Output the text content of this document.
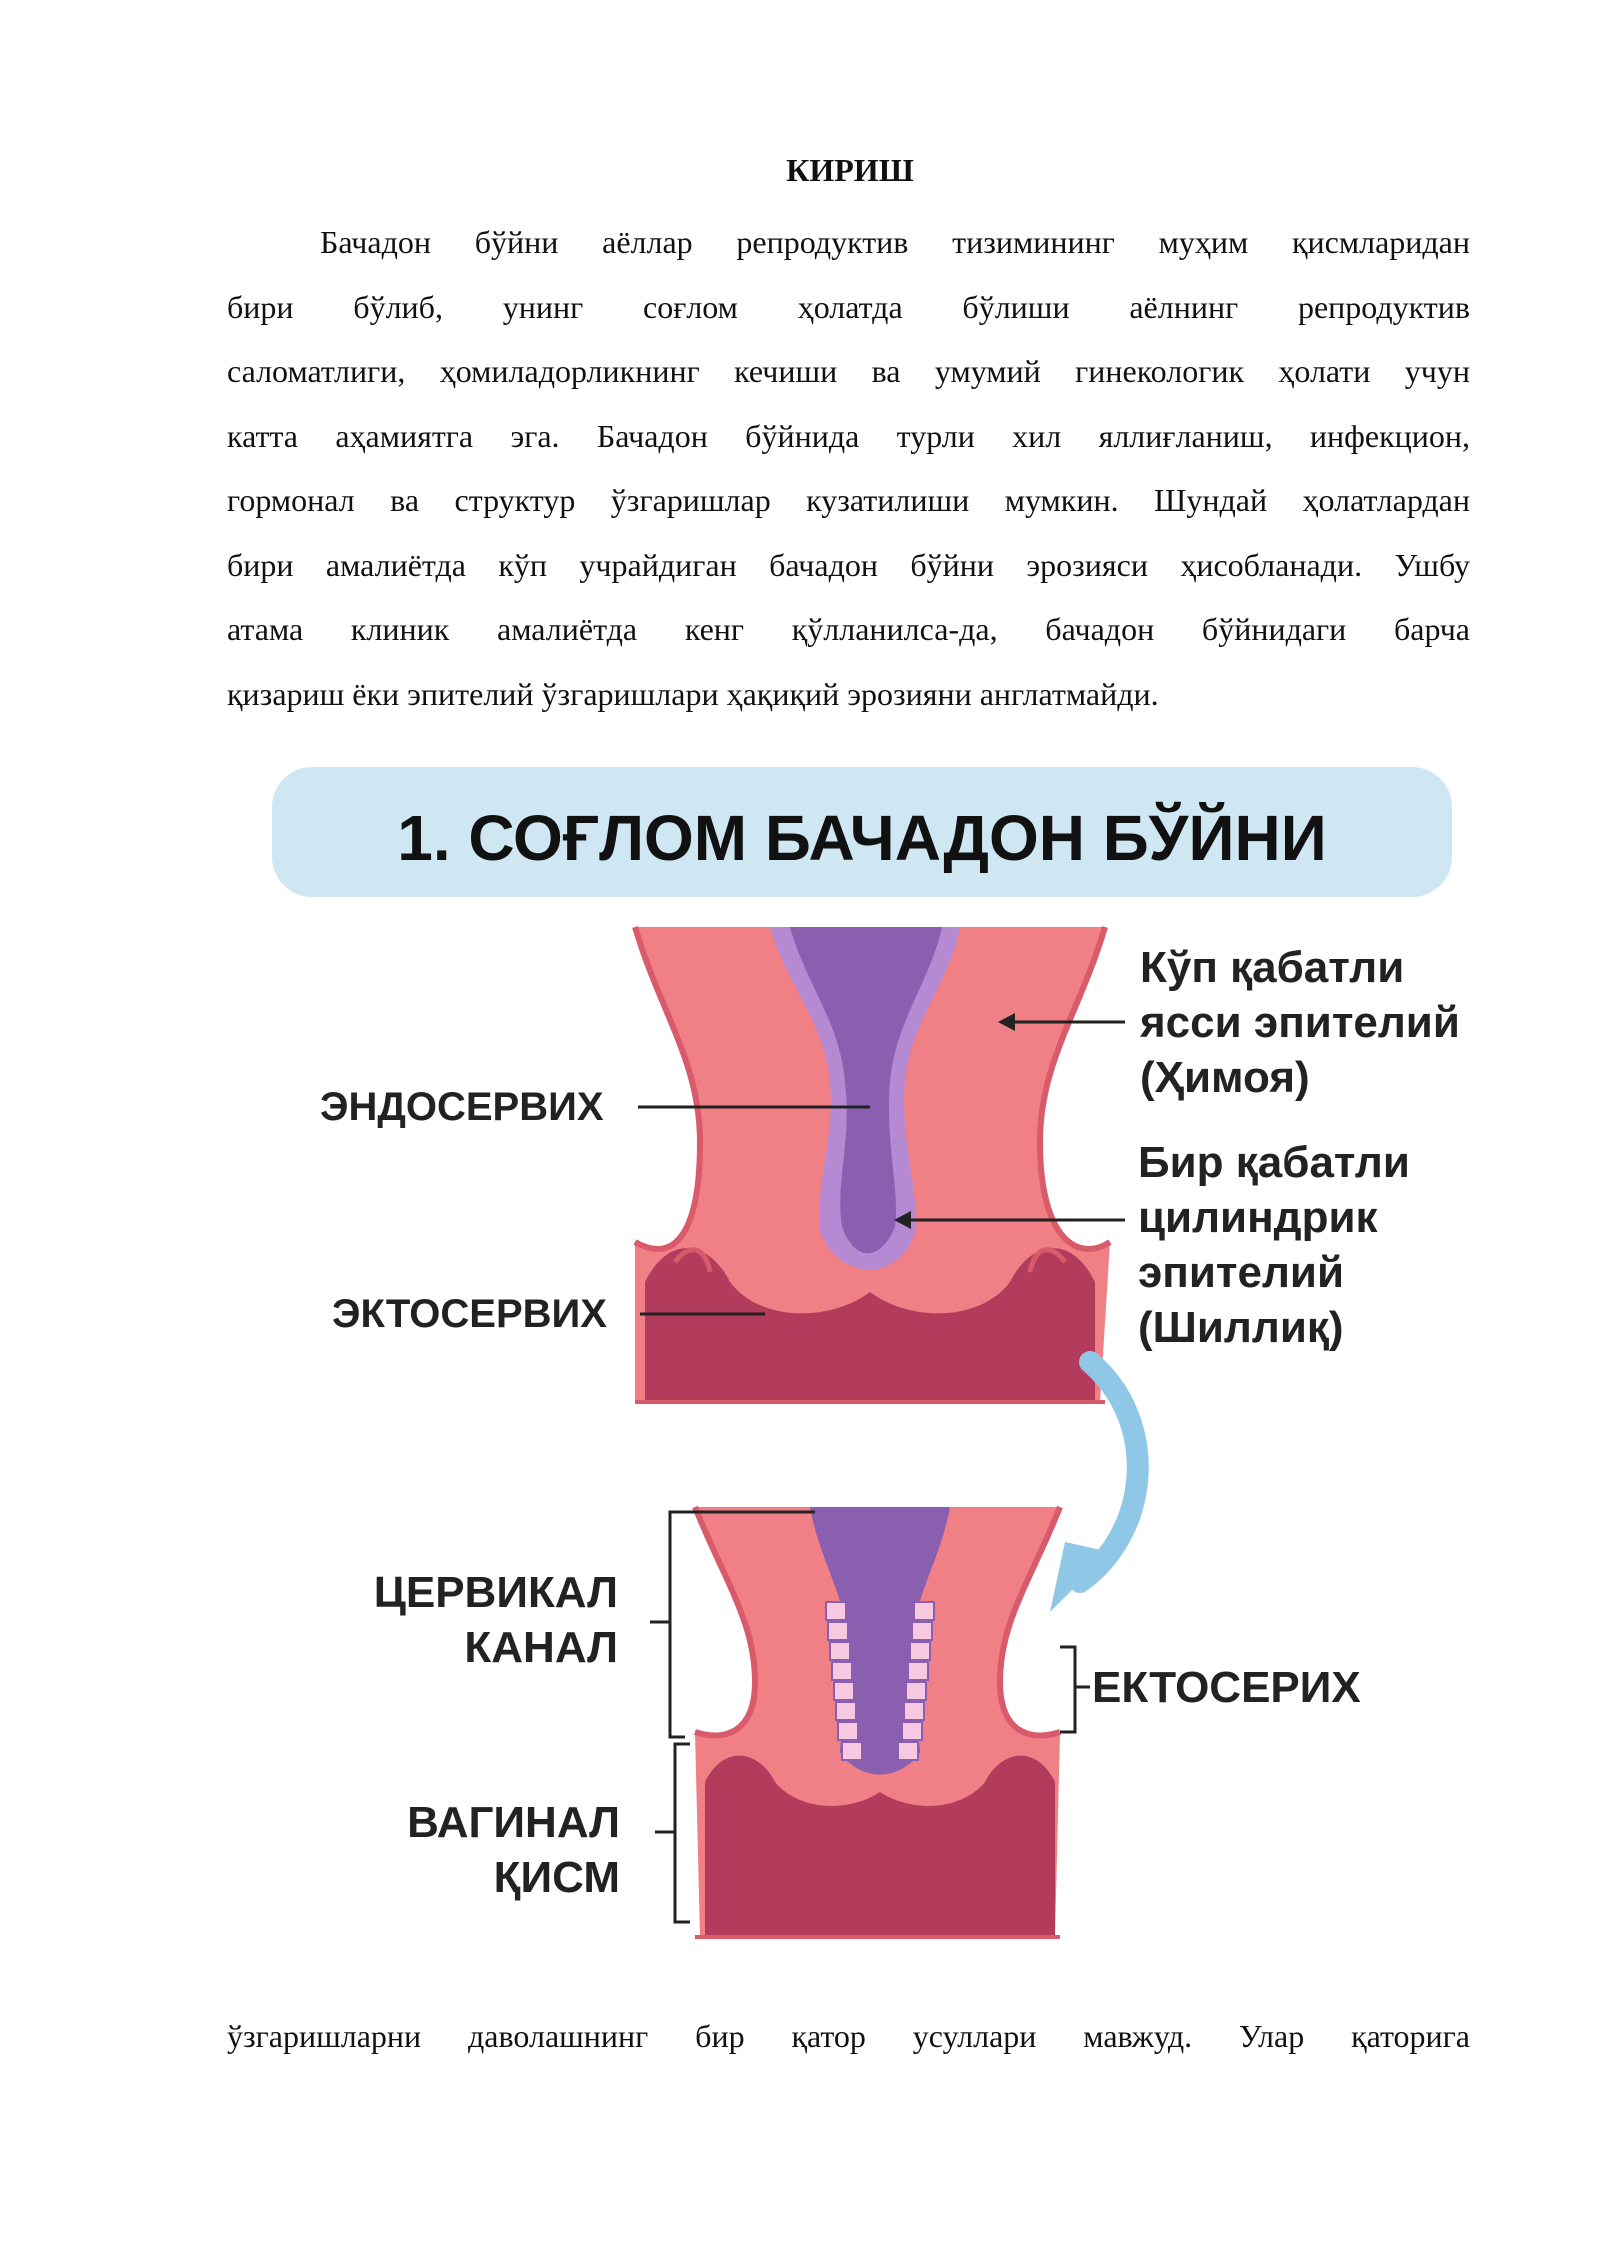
КИРИШ
Бачадон бўйни аёллар репродуктив тизимининг муҳим қисмларидан
бири бўлиб, унинг соғлом ҳолатда бўлиши аёлнинг репродуктив
саломатлиги, ҳомиладорликнинг кечиши ва умумий гинекологик ҳолати учун
катта аҳамиятга эга. Бачадон бўйнида турли хил яллиғланиш, инфекцион,
гормонал ва структур ўзгаришлар кузатилиши мумкин. Шундай ҳолатлардан
бири амалиётда кўп учрайдиган бачадон бўйни эрозияси ҳисобланади. Ушбу
атама клиник амалиётда кенг қўлланилса-да, бачадон бўйнидаги барча
қизариш ёки эпителий ўзгаришлари ҳақиқий эрозияни англатмайди.
1. СОҒЛОМ БАЧАДОН БЎЙНИ
ЭНДОСЕРВИХ
ЭКТОСЕРВИХ
Кўп қабатли
ясси эпителий
(Ҳимоя)
Бир қабатли
цилиндрик
эпителий
(Шиллиқ)
ЦЕРВИКАЛ
КАНАЛ
ЕКТОСЕРИХ
ВАГИНАЛ
ҚИСМ
ўзгаришларни даволашнинг бир қатор усуллари мавжуд. Улар қаторига
